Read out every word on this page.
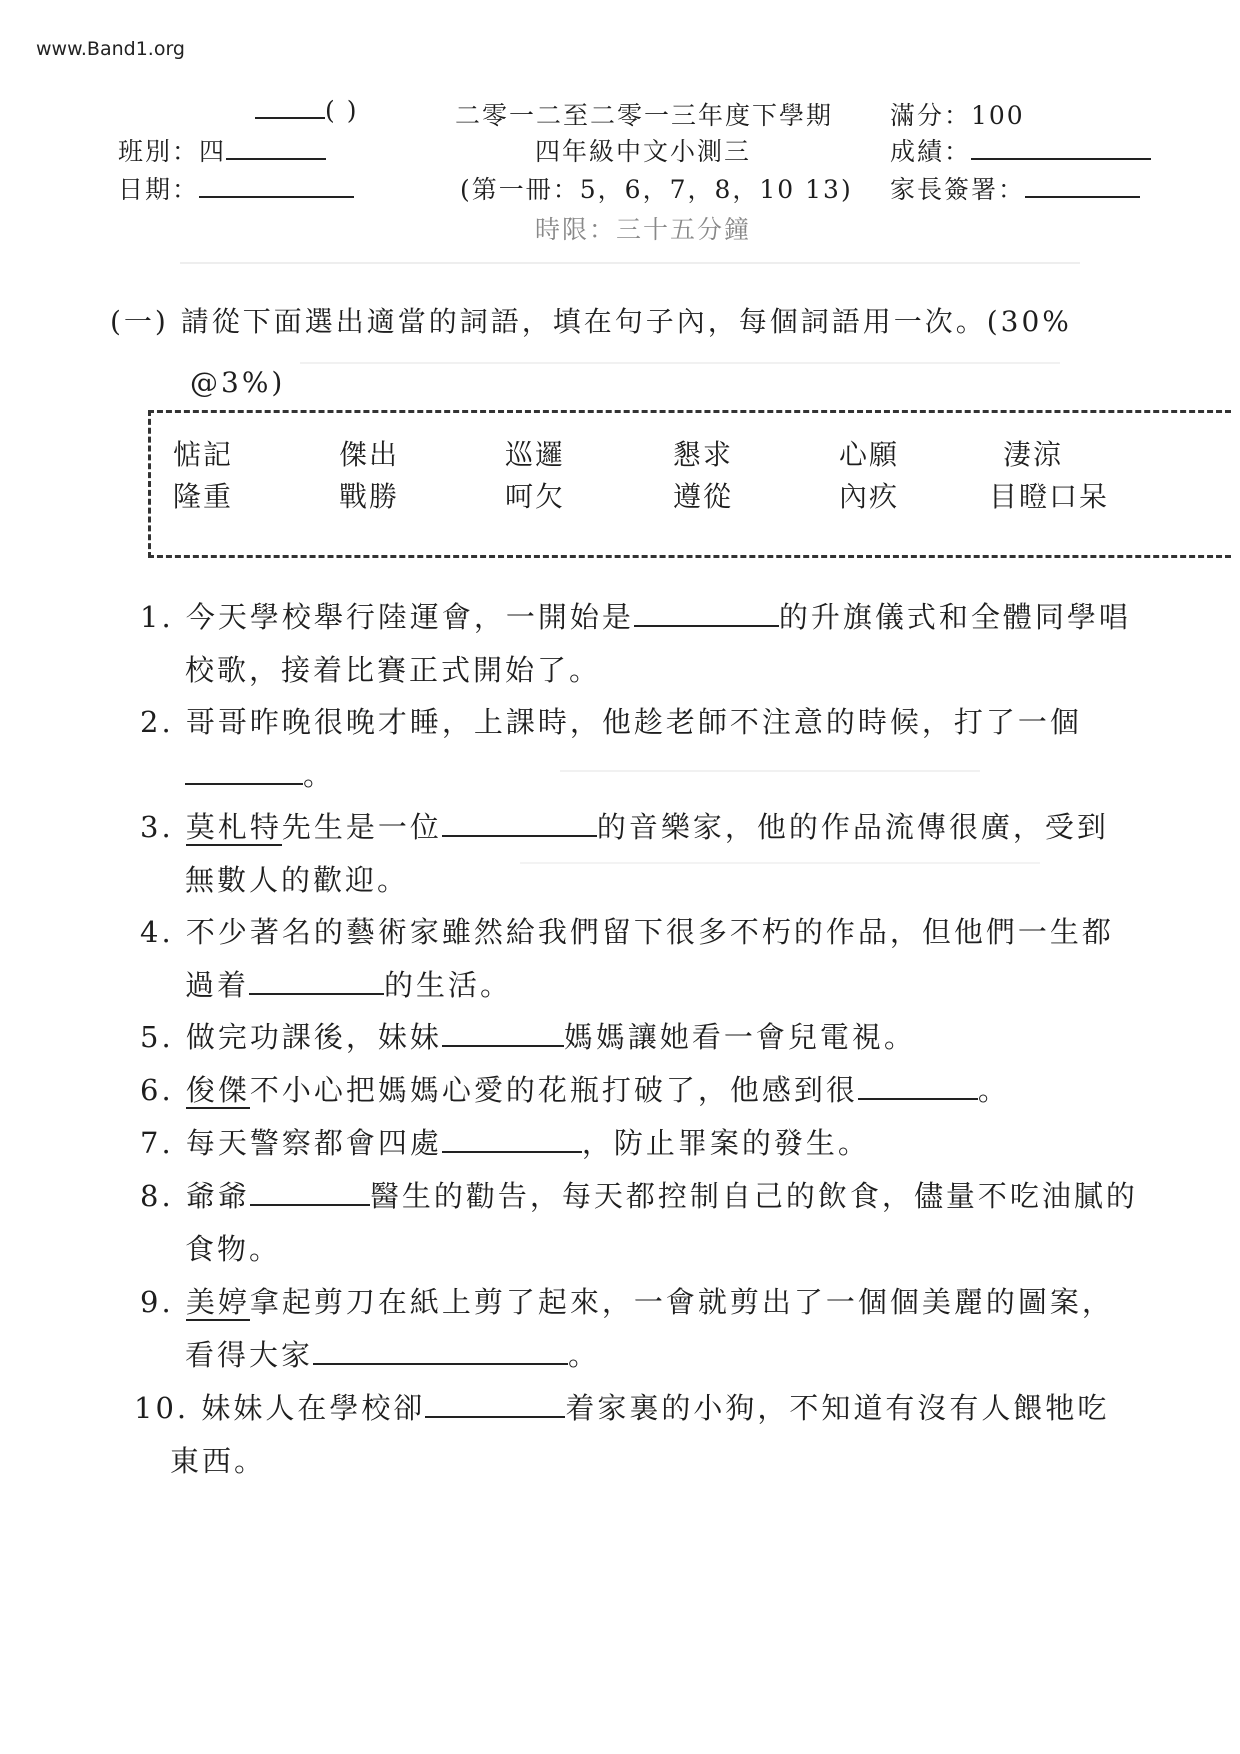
www.Band1.org
( )	二零一二至二零一三年度下學期 滿分：100
班別：四	四年級中文小測三	成績：
日期：	(第一冊：5，6，7，8，10 13) 家長簽署：
時限：三十五分鐘
(一) 請從下面選出適當的詞語，填在句子內，每個詞語用一次。(30%
@3%)
惦記	傑出	巡邏	懇求	心願	淒涼
隆重	戰勝	呵欠	遵從	內疚	目瞪口呆
1. 今天學校舉行陸運會，一開始是	的升旗儀式和全體同學唱
校歌，接着比賽正式開始了。
2. 哥哥昨晚很晚才睡，上課時，他趁老師不注意的時候，打了一個
。
3. 莫札特先生是一位	的音樂家，他的作品流傳很廣，受到
無數人的歡迎。
4. 不少著名的藝術家雖然給我們留下很多不朽的作品，但他們一生都
過着	的生活。
5. 做完功課後，妹妹	媽媽讓她看一會兒電視。
6. 俊傑不小心把媽媽心愛的花瓶打破了，他感到很	。
7. 每天警察都會四處	，防止罪案的發生。
8. 爺爺	醫生的勸告，每天都控制自己的飲食，儘量不吃油膩的
食物。
9. 美婷拿起剪刀在紙上剪了起來，一會就剪出了一個個美麗的圖案，
看得大家	。
10. 妹妹人在學校卻	着家裏的小狗，不知道有沒有人餵牠吃
東西。
